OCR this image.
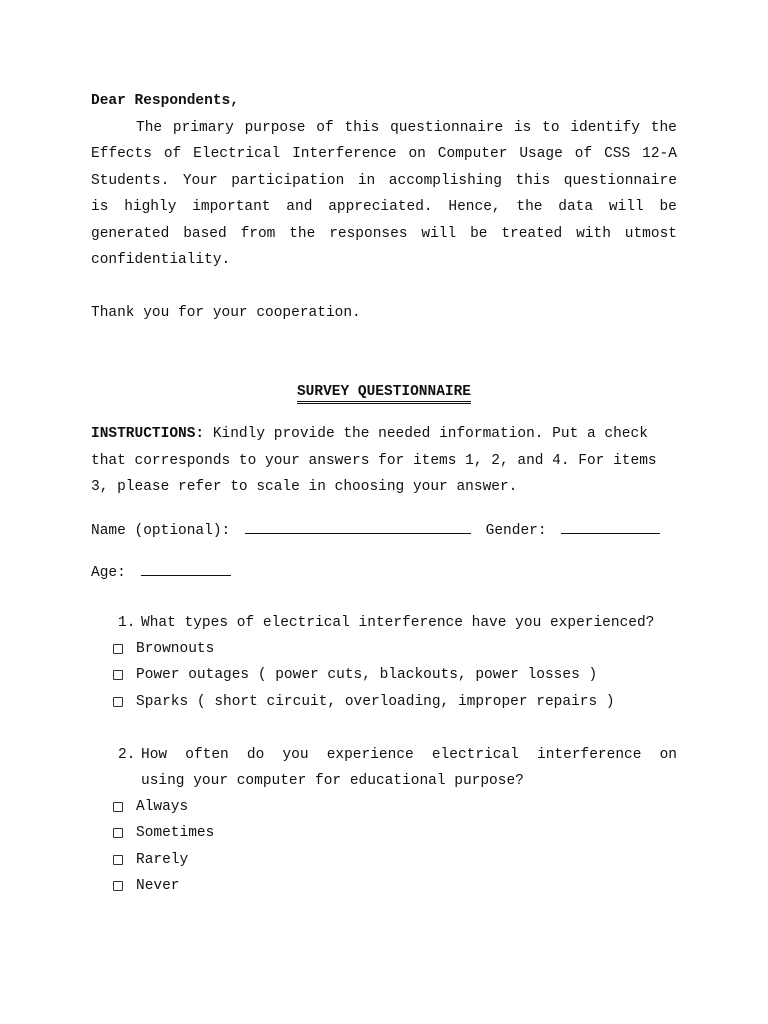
Dear Respondents,
The primary purpose of this questionnaire is to identify the
Effects of Electrical Interference on Computer Usage of CSS 12-A
Students. Your participation in accomplishing this questionnaire
is highly important and appreciated. Hence, the data will be
generated based from the responses will be treated with utmost
confidentiality.
Thank you for your cooperation.
SURVEY QUESTIONNAIRE
INSTRUCTIONS: Kindly provide the needed information. Put a check
that corresponds to your answers for items 1, 2, and 4. For items
3, please refer to scale in choosing your answer.
Name (optional):	Gender:
Age:
1. What types of electrical interference have you experienced?
Brownouts
Power outages ( power cuts, blackouts, power losses )
Sparks ( short circuit, overloading, improper repairs )
2. How often do you experience electrical interference on
using your computer for educational purpose?
Always
Sometimes
Rarely
Never
